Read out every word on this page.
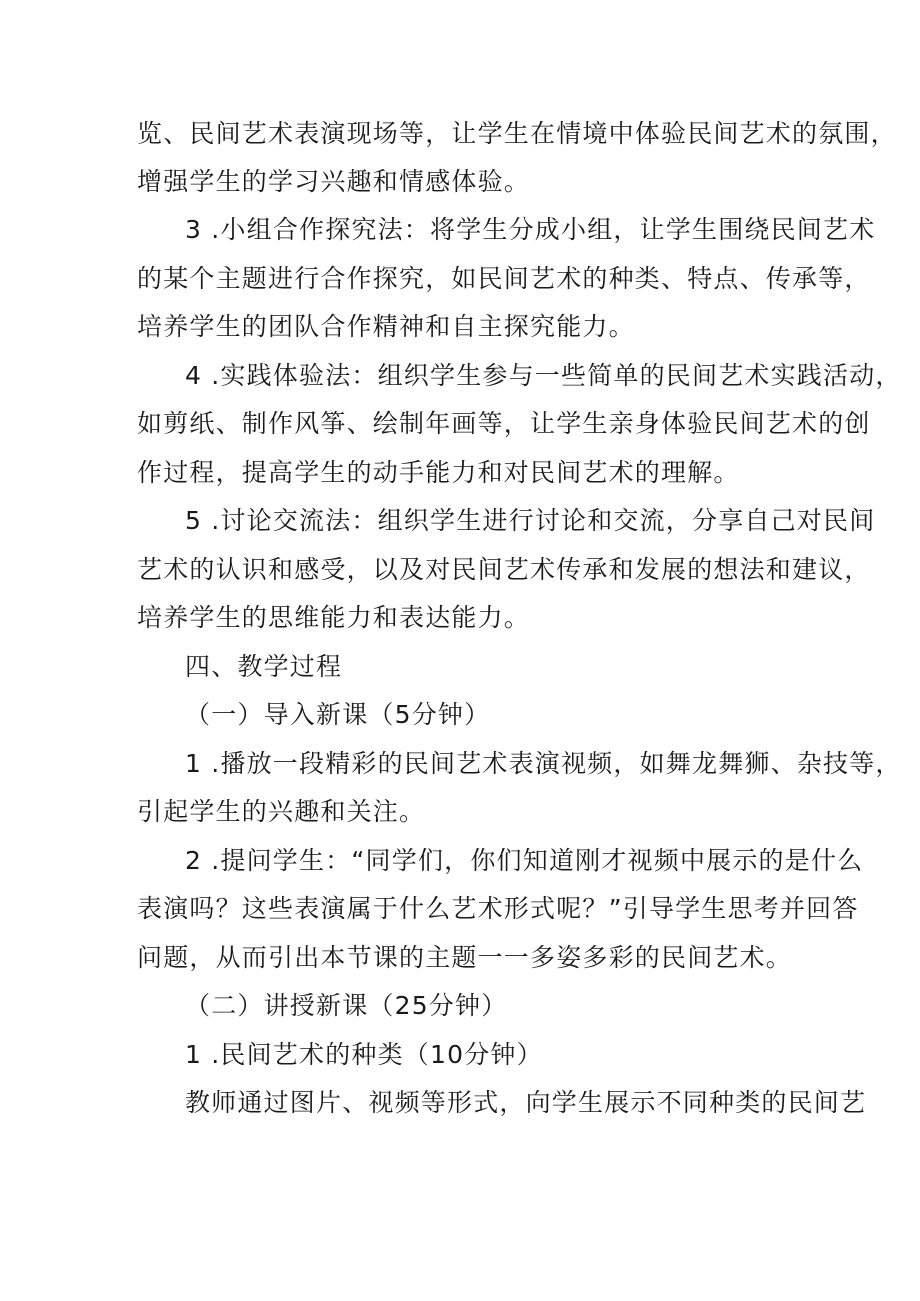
览、民间艺术表演现场等，让学生在情境中体验民间艺术的氛围，
增强学生的学习兴趣和情感体验。
3 .小组合作探究法：将学生分成小组，让学生围绕民间艺术
的某个主题进行合作探究，如民间艺术的种类、特点、传承等，
培养学生的团队合作精神和自主探究能力。
4 .实践体验法：组织学生参与一些简单的民间艺术实践活动，
如剪纸、制作风筝、绘制年画等，让学生亲身体验民间艺术的创
作过程，提高学生的动手能力和对民间艺术的理解。
5 .讨论交流法：组织学生进行讨论和交流，分享自己对民间
艺术的认识和感受，以及对民间艺术传承和发展的想法和建议，
培养学生的思维能力和表达能力。
四、教学过程
（一）导入新课（5分钟）
1 .播放一段精彩的民间艺术表演视频，如舞龙舞狮、杂技等，
引起学生的兴趣和关注。
2 .提问学生：“同学们，你们知道刚才视频中展示的是什么
表演吗？这些表演属于什么艺术形式呢？”引导学生思考并回答
问题，从而引出本节课的主题一一多姿多彩的民间艺术。
（二）讲授新课（25分钟）
1 .民间艺术的种类（10分钟）
教师通过图片、视频等形式，向学生展示不同种类的民间艺
